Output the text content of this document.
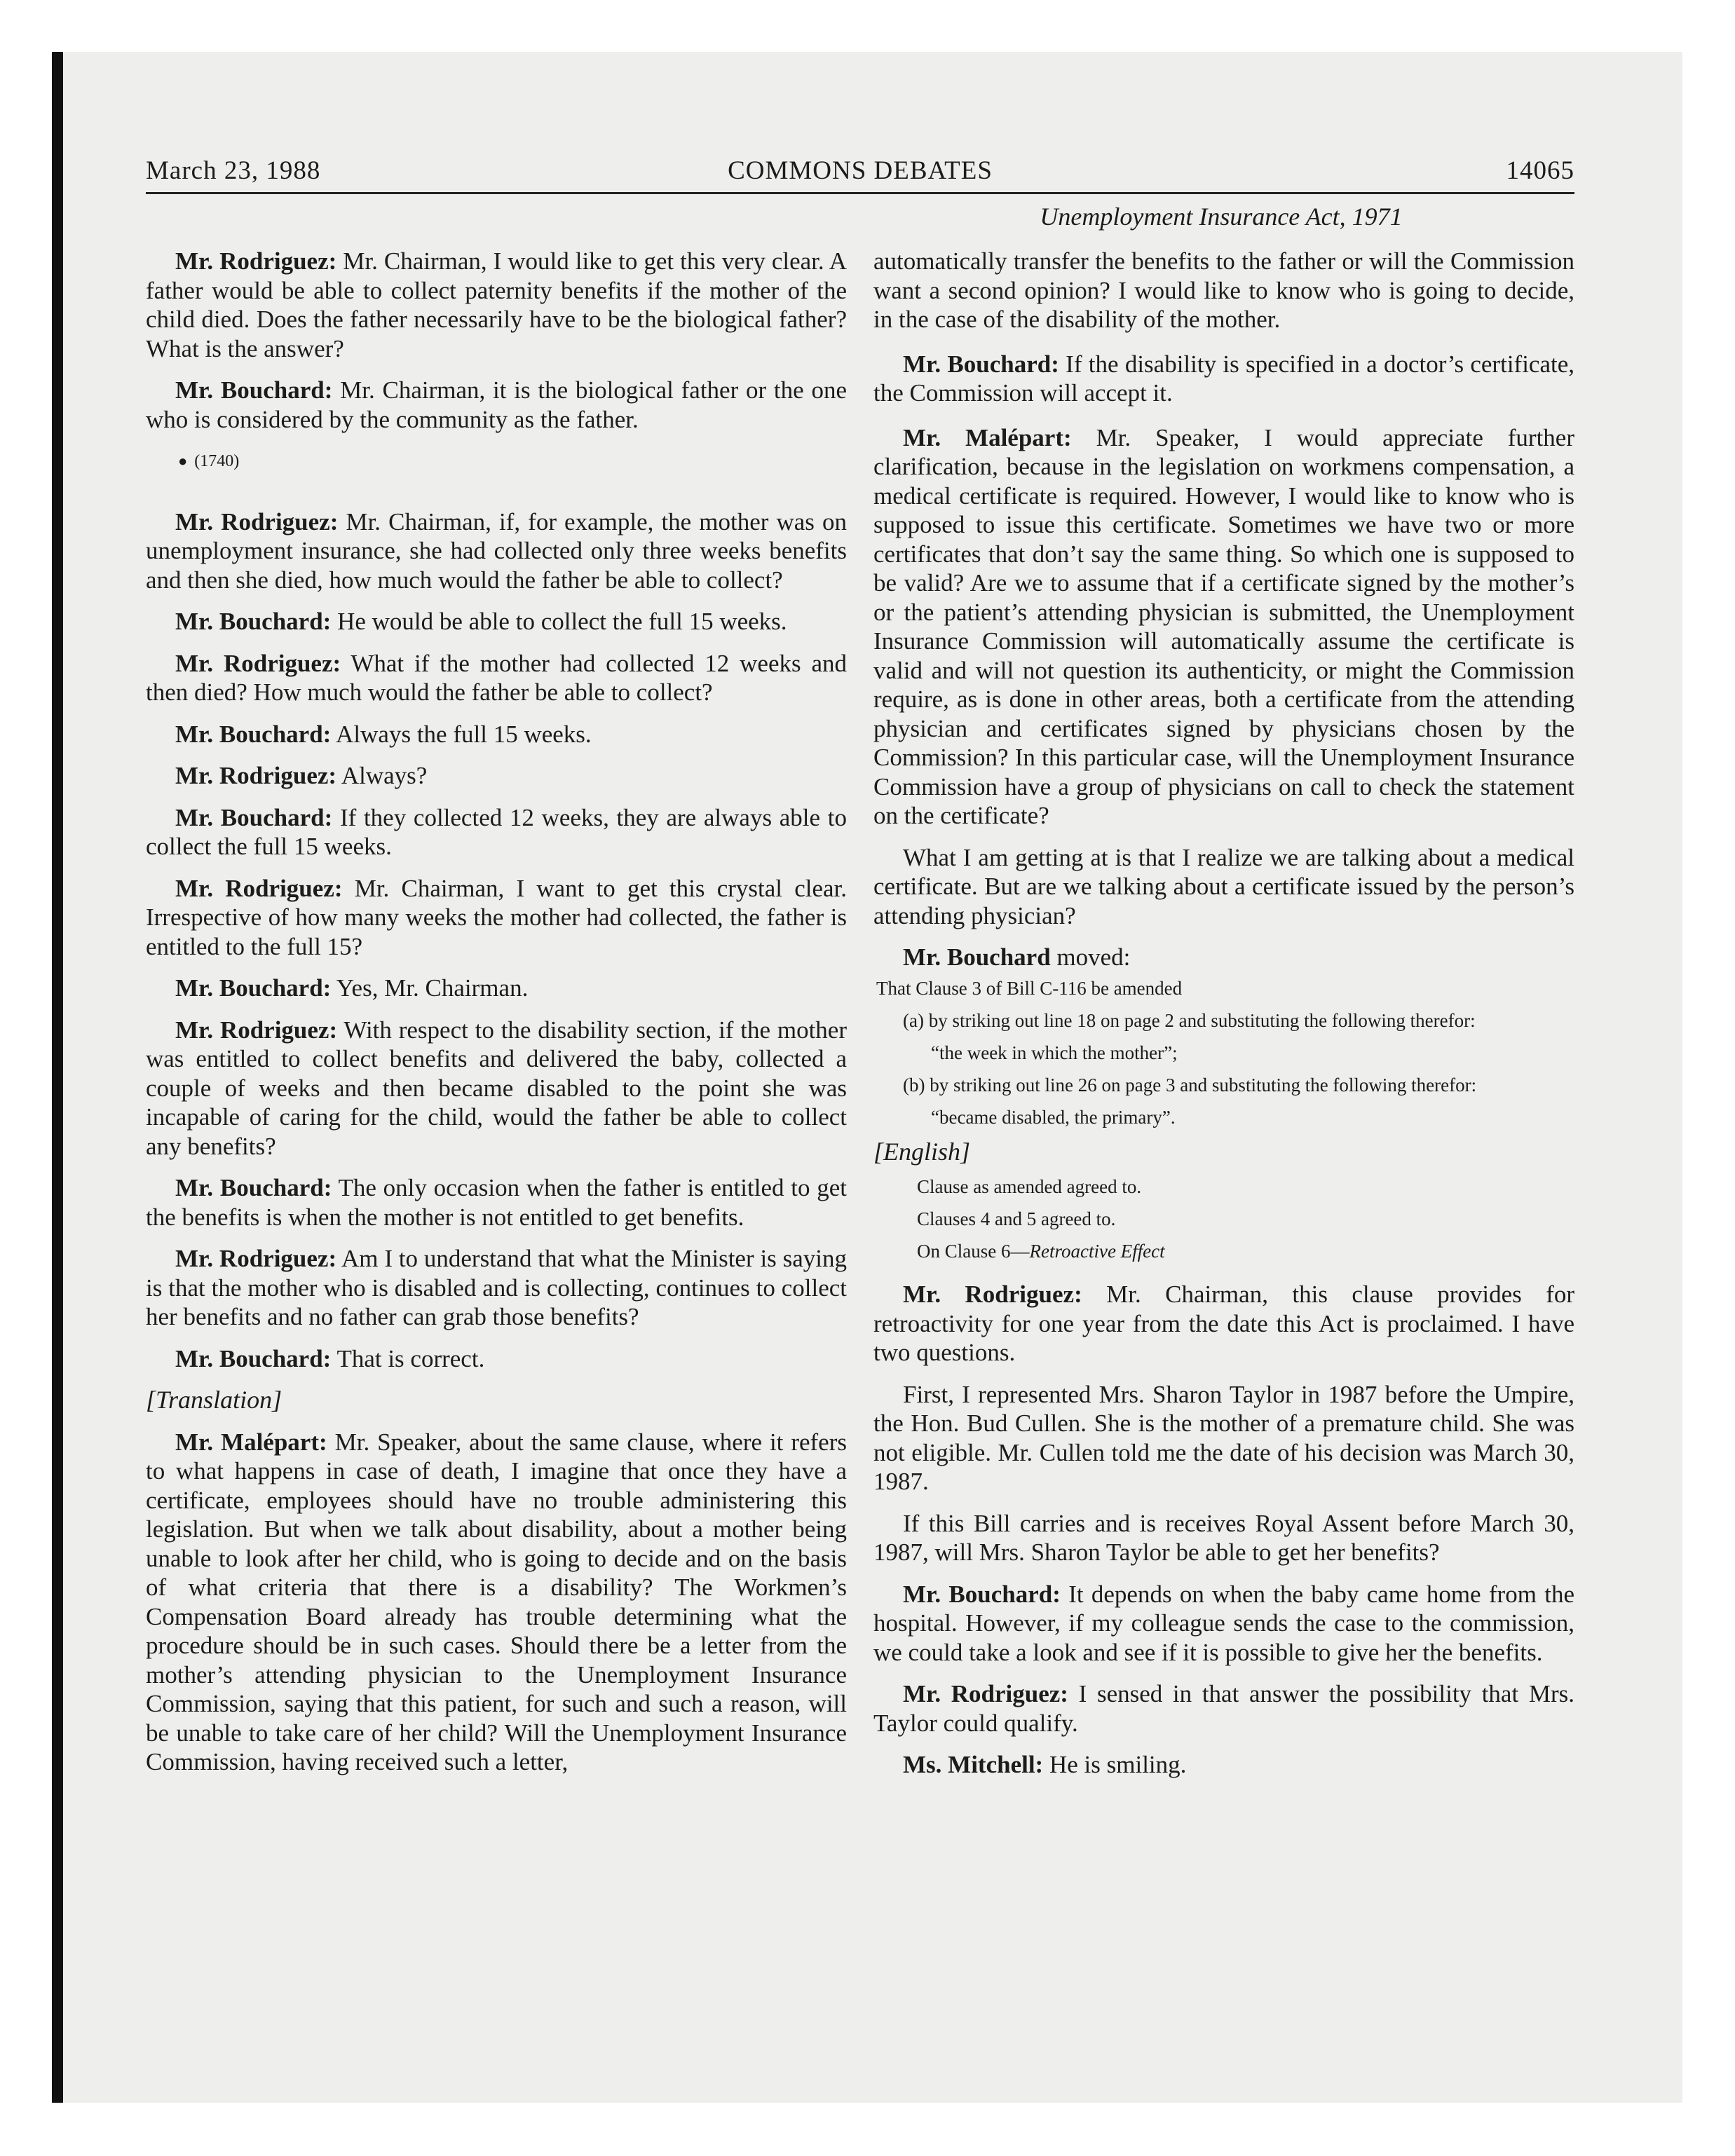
March 23, 1988	COMMONS DEBATES	14065
Unemployment Insurance Act, 1971

Mr. Rodriguez: Mr. Chairman, I would like to get this very clear. A father would be able to collect paternity benefits if the mother of the child died. Does the father necessarily have to be the biological father? What is the answer?

Mr. Bouchard: Mr. Chairman, it is the biological father or the one who is considered by the community as the father.

● (1740)

Mr. Rodriguez: Mr. Chairman, if, for example, the mother was on unemployment insurance, she had collected only three weeks benefits and then she died, how much would the father be able to collect?

Mr. Bouchard: He would be able to collect the full 15 weeks.

Mr. Rodriguez: What if the mother had collected 12 weeks and then died? How much would the father be able to collect?

Mr. Bouchard: Always the full 15 weeks.

Mr. Rodriguez: Always?

Mr. Bouchard: If they collected 12 weeks, they are always able to collect the full 15 weeks.

Mr. Rodriguez: Mr. Chairman, I want to get this crystal clear. Irrespective of how many weeks the mother had collected, the father is entitled to the full 15?

Mr. Bouchard: Yes, Mr. Chairman.

Mr. Rodriguez: With respect to the disability section, if the mother was entitled to collect benefits and delivered the baby, collected a couple of weeks and then became disabled to the point she was incapable of caring for the child, would the father be able to collect any benefits?

Mr. Bouchard: The only occasion when the father is entitled to get the benefits is when the mother is not entitled to get benefits.

Mr. Rodriguez: Am I to understand that what the Minister is saying is that the mother who is disabled and is collecting, continues to collect her benefits and no father can grab those benefits?

Mr. Bouchard: That is correct.

[Translation]

Mr. Malépart: Mr. Speaker, about the same clause, where it refers to what happens in case of death, I imagine that once they have a certificate, employees should have no trouble administering this legislation. But when we talk about disability, about a mother being unable to look after her child, who is going to decide and on the basis of what criteria that there is a disability? The Workmen’s Compensation Board already has trouble determining what the procedure should be in such cases. Should there be a letter from the mother’s attending physician to the Unemployment Insurance Commission, saying that this patient, for such and such a reason, will be unable to take care of her child? Will the Unemployment Insurance Commission, having received such a letter,

automatically transfer the benefits to the father or will the Commission want a second opinion? I would like to know who is going to decide, in the case of the disability of the mother.

Mr. Bouchard: If the disability is specified in a doctor’s certificate, the Commission will accept it.

Mr. Malépart: Mr. Speaker, I would appreciate further clarification, because in the legislation on workmens compensation, a medical certificate is required. However, I would like to know who is supposed to issue this certificate. Sometimes we have two or more certificates that don’t say the same thing. So which one is supposed to be valid? Are we to assume that if a certificate signed by the mother’s or the patient’s attending physician is submitted, the Unemployment Insurance Commission will automatically assume the certificate is valid and will not question its authenticity, or might the Commission require, as is done in other areas, both a certificate from the attending physician and certificates signed by physicians chosen by the Commission? In this particular case, will the Unemployment Insurance Commission have a group of physicians on call to check the statement on the certificate?

What I am getting at is that I realize we are talking about a medical certificate. But are we talking about a certificate issued by the person’s attending physician?

Mr. Bouchard moved:

That Clause 3 of Bill C-116 be amended

(a) by striking out line 18 on page 2 and substituting the following therefor:

“the week in which the mother”;

(b) by striking out line 26 on page 3 and substituting the following therefor:

“became disabled, the primary”.

[English]

Clause as amended agreed to.

Clauses 4 and 5 agreed to.

On Clause 6—Retroactive Effect

Mr. Rodriguez: Mr. Chairman, this clause provides for retroactivity for one year from the date this Act is proclaimed. I have two questions.

First, I represented Mrs. Sharon Taylor in 1987 before the Umpire, the Hon. Bud Cullen. She is the mother of a premature child. She was not eligible. Mr. Cullen told me the date of his decision was March 30, 1987.

If this Bill carries and is receives Royal Assent before March 30, 1987, will Mrs. Sharon Taylor be able to get her benefits?

Mr. Bouchard: It depends on when the baby came home from the hospital. However, if my colleague sends the case to the commission, we could take a look and see if it is possible to give her the benefits.

Mr. Rodriguez: I sensed in that answer the possibility that Mrs. Taylor could qualify.

Ms. Mitchell: He is smiling.
